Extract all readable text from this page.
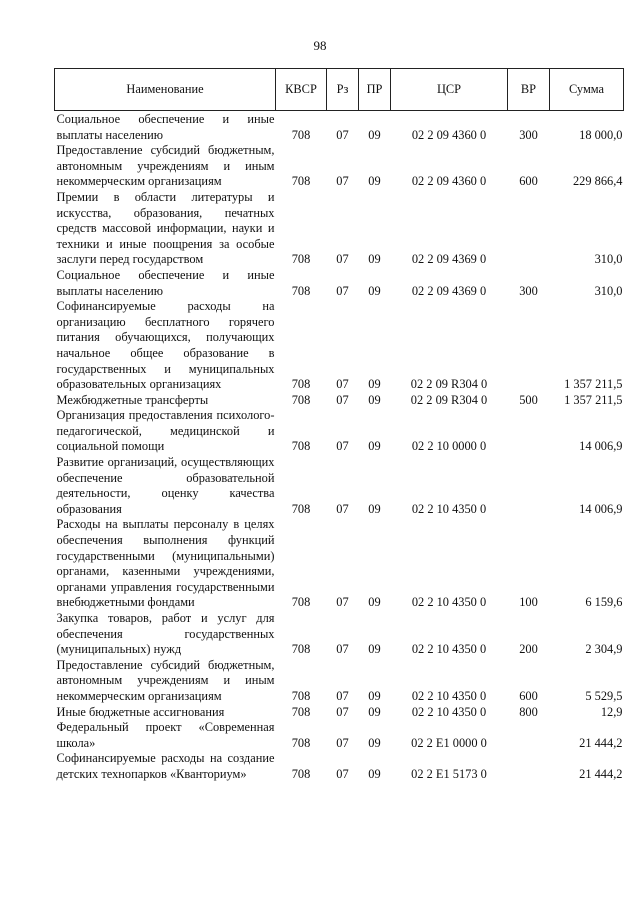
98
Наименование	КВСР	Рз	ПР	ЦСР	ВР	Сумма
Социальное обеспечение и иные выплаты населению	708	07	09	02 2 09 4360 0	300	18 000,0
Предоставление субсидий бюджетным, автономным учреждениям и иным некоммерческим организациям	708	07	09	02 2 09 4360 0	600	229 866,4
Премии в области литературы и искусства, образования, печатных средств массовой информации, науки и техники и иные поощрения за особые заслуги перед государством	708	07	09	02 2 09 4369 0		310,0
Социальное обеспечение и иные выплаты населению	708	07	09	02 2 09 4369 0	300	310,0
Софинансируемые расходы на организацию бесплатного горячего питания обучающихся, получающих начальное общее образование в государственных и муниципальных образовательных организациях	708	07	09	02 2 09 R304 0		1 357 211,5
Межбюджетные трансферты	708	07	09	02 2 09 R304 0	500	1 357 211,5
Организация предоставления психолого-педагогической, медицинской и социальной помощи	708	07	09	02 2 10 0000 0		14 006,9
Развитие организаций, осуществляющих обеспечение образовательной деятельности, оценку качества образования	708	07	09	02 2 10 4350 0		14 006,9
Расходы на выплаты персоналу в целях обеспечения выполнения функций государственными (муниципальными) органами, казенными учреждениями, органами управления государственными внебюджетными фондами	708	07	09	02 2 10 4350 0	100	6 159,6
Закупка товаров, работ и услуг для обеспечения государственных (муниципальных) нужд	708	07	09	02 2 10 4350 0	200	2 304,9
Предоставление субсидий бюджетным, автономным учреждениям и иным некоммерческим организациям	708	07	09	02 2 10 4350 0	600	5 529,5
Иные бюджетные ассигнования	708	07	09	02 2 10 4350 0	800	12,9
Федеральный проект «Современная школа»	708	07	09	02 2 E1 0000 0		21 444,2
Софинансируемые расходы на создание детских технопарков «Кванториум»	708	07	09	02 2 E1 5173 0		21 444,2
